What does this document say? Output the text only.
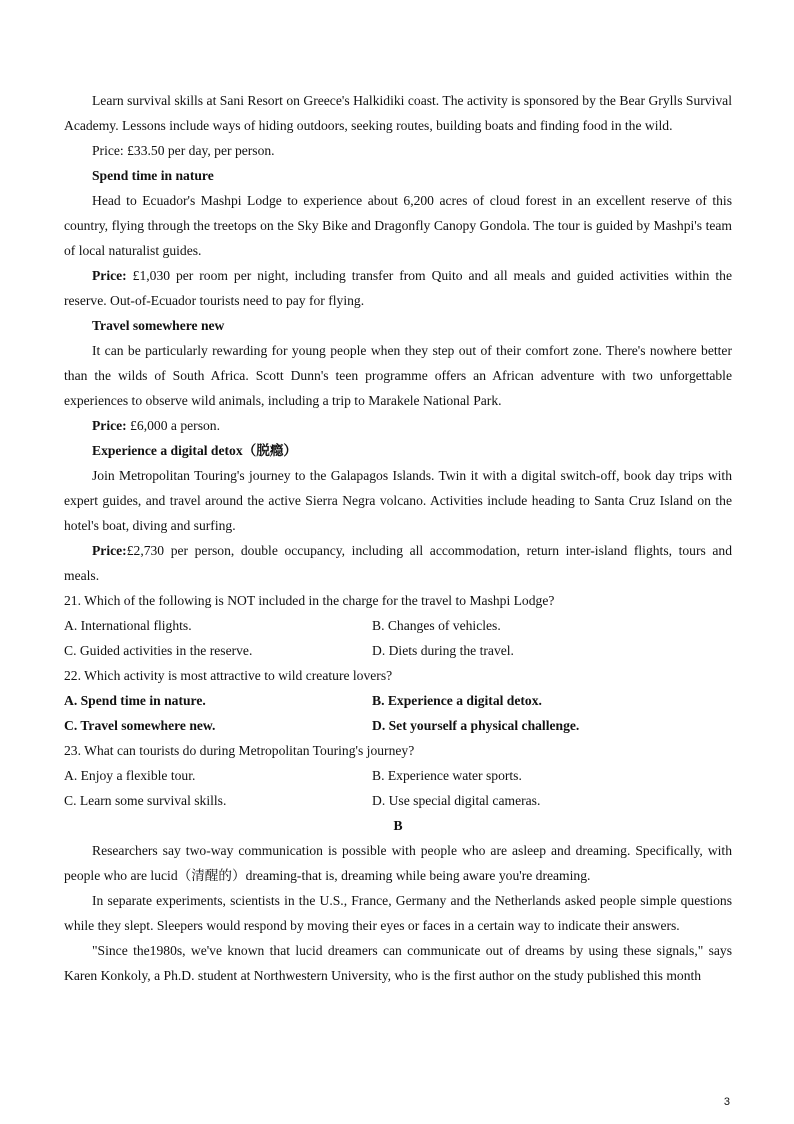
Learn survival skills at Sani Resort on Greece's Halkidiki coast. The activity is sponsored by the Bear Grylls Survival Academy. Lessons include ways of hiding outdoors, seeking routes, building boats and finding food in the wild.

Price: £33.50 per day, per person.

Spend time in nature

Head to Ecuador's Mashpi Lodge to experience about 6,200 acres of cloud forest in an excellent reserve of this country, flying through the treetops on the Sky Bike and Dragonfly Canopy Gondola. The tour is guided by Mashpi's team of local naturalist guides.

Price: £1,030 per room per night, including transfer from Quito and all meals and guided activities within the reserve. Out-of-Ecuador tourists need to pay for flying.

Travel somewhere new

It can be particularly rewarding for young people when they step out of their comfort zone. There's nowhere better than the wilds of South Africa. Scott Dunn's teen programme offers an African adventure with two unforgettable experiences to observe wild animals, including a trip to Marakele National Park.

Price: £6,000 a person.

Experience a digital detox（脱瘾）

Join Metropolitan Touring's journey to the Galapagos Islands. Twin it with a digital switch-off, book day trips with expert guides, and travel around the active Sierra Negra volcano. Activities include heading to Santa Cruz Island on the hotel's boat, diving and surfing.

Price:£2,730 per person, double occupancy, including all accommodation, return inter-island flights, tours and meals.

21. Which of the following is NOT included in the charge for the travel to Mashpi Lodge?

A. International flights.	B. Changes of vehicles.
C. Guided activities in the reserve.	D. Diets during the travel.

22. Which activity is most attractive to wild creature lovers?

A. Spend time in nature.	B. Experience a digital detox.
C. Travel somewhere new.	D. Set yourself a physical challenge.

23. What can tourists do during Metropolitan Touring's journey?

A. Enjoy a flexible tour.	B. Experience water sports.
C. Learn some survival skills.	D. Use special digital cameras.

B

Researchers say two-way communication is possible with people who are asleep and dreaming. Specifically, with people who are lucid（清醒的）dreaming-that is, dreaming while being aware you're dreaming.

In separate experiments, scientists in the U.S., France, Germany and the Netherlands asked people simple questions while they slept. Sleepers would respond by moving their eyes or faces in a certain way to indicate their answers.

"Since the1980s, we've known that lucid dreamers can communicate out of dreams by using these signals," says Karen Konkoly, a Ph.D. student at Northwestern University, who is the first author on the study published this month

3
